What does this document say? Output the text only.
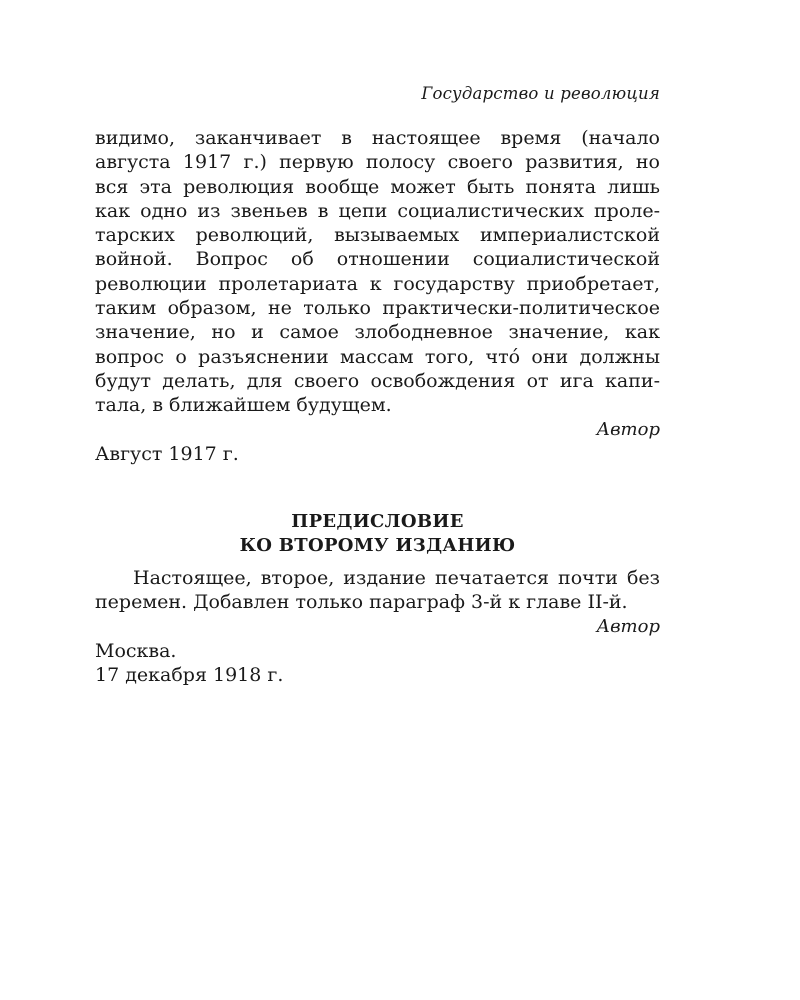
Государство и революция
видимо, заканчивает в настоящее время (начало
августа 1917 г.) первую полосу своего развития, но
вся эта революция вообще может быть понята лишь
как одно из звеньев в цепи социалистических проле-
тарских революций, вызываемых империалистской
войной. Вопрос об отношении социалистической
революции пролетариата к государству приобретает,
таким образом, не только практически-политическое
значение, но и самое злободневное значение, как
вопрос о разъяснении массам того, чтó они должны
будут делать, для своего освобождения от ига капи-
тала, в ближайшем будущем.
Автор
Август 1917 г.
ПРЕДИСЛОВИЕ
КО ВТОРОМУ ИЗДАНИЮ
Настоящее, второе, издание печатается почти без
перемен. Добавлен только параграф 3-й к главе II-й.
Автор
Москва.
17 декабря 1918 г.
